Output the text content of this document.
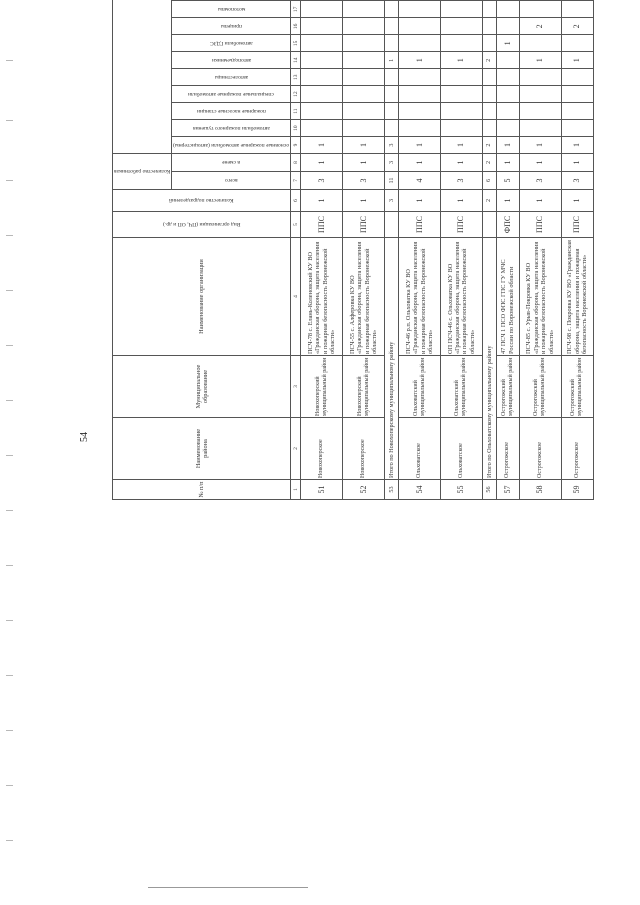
54
№ п/п	Наименование района	Муниципальное образование	Наименование организации	Вид организации (ПЧ, ОП и др.)	Количество подразделений	Количество работников

						всего	в смене																															

								основные пожарные автомобили (автоцистерны)	автомобили пожарного тушения	пожарные насосные станции	специальные пожарные автомобили	автолестницы	автоподъемники	автомобили ГДЗС	прицепы	мотопомпы

1	2	3	4	5	6	7	8	9	10	11	12	13	14	15	16	17																						
51	Новохоперское	Новохоперский муниципальный район	ПСЧ-78 с. Елань-Коленовский КУ ВО «Гражданская оборона, защита населения и пожарная безопасность Воронежской области»	ППС	1	3	1	1																														
52	Новохоперское	Новохоперский муниципальный район	ПСЧ-55 с. Алферовка КУ ВО «Гражданская оборона, защита населения и пожарная безопасность Воронежской области»	ППС	1	3	1	1																														
53	Итого по Новохоперскому муниципальному району				3	11	3	3					1																									
54	Ольховатское	Ольховатский муниципальный район	ПСЧ-46 р.п. Ольховатка КУ ВО «Гражданская оборона, защита населения и пожарная безопасность Воронежской области»	ППС	1	4	1	1					1																									
55	Ольховатское	Ольховатский муниципальный район	ОП ПСЧ-46 с. Ольховатка КУ ВО «Гражданская оборона, защита населения и пожарная безопасность Воронежской области»	ППС	1	3	1	1					1																									
56	Итого по Ольховатскому муниципальному району				2	6	2	2					2																									
57	Острогожское	Острогожский муниципальный район	47 ПСЧ 1 ПСО ФПС ГПС ГУ МЧС России по Воронежской области	ФПС	1	5	1	1						1																								
58	Острогожское	Острогожский муниципальный район	ПСЧ-85 с. Урыв-Покровка КУ ВО «Гражданская оборона, защита населения и пожарная безопасность Воронежской области»	ППС	1	3	1	1					1		2																							
59	Острогожское	Острогожский муниципальный район	ПСЧ-98 с. Покровка КУ ВО «Гражданская оборона, защита населения и пожарная безопасность Воронежской области»	ППС	1	3	1	1					1		2																							
